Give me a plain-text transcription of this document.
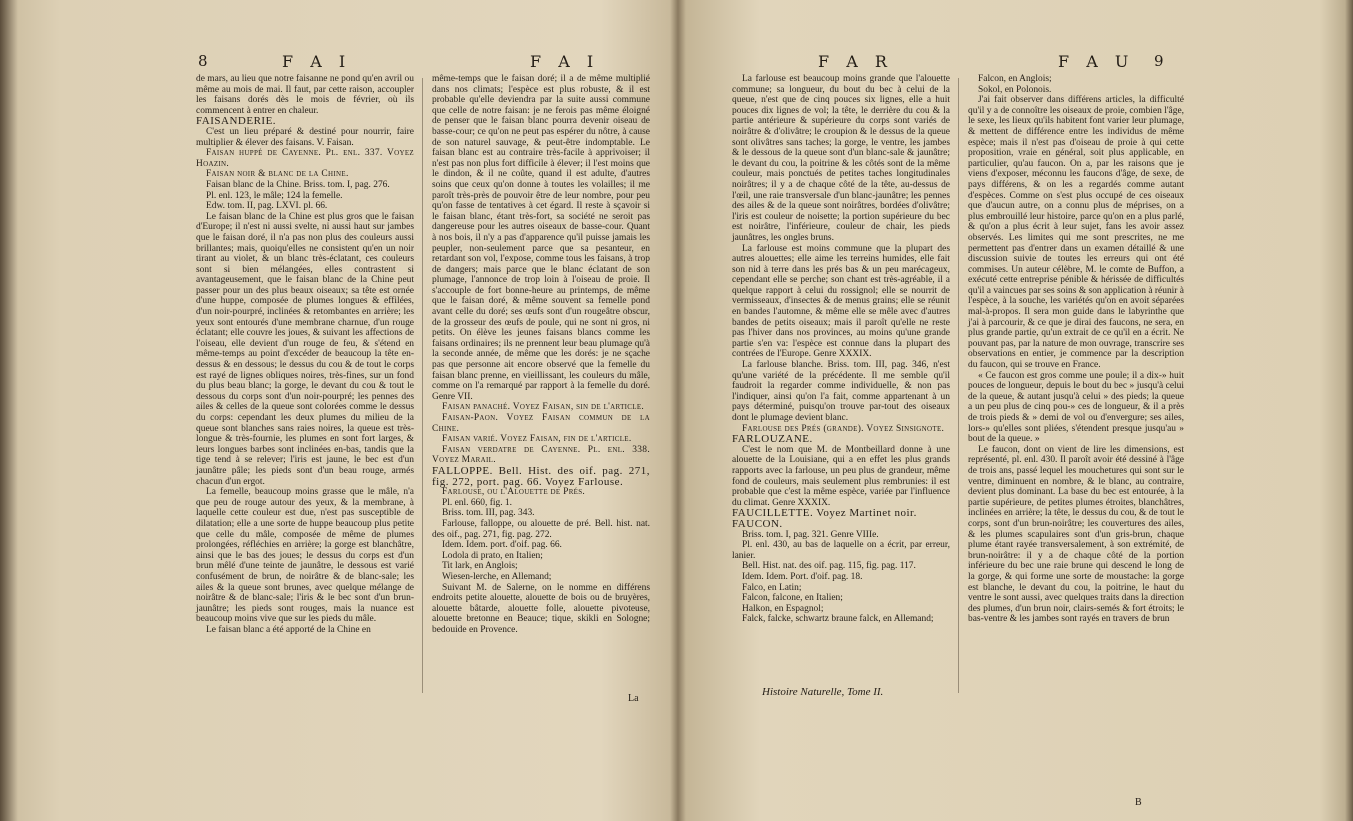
8	F A I	F A I

de mars, au lieu que notre faisanne ne pond qu'en avril ou même au mois de mai. Il faut, par cette raison, accoupler les faisans dorés dès le mois de février, où ils commencent à entrer en chaleur.

FAISANDERIE.

C'est un lieu préparé & destiné pour nourrir, faire multiplier & élever des faisans. V. Faisan.

Faisan huppé de Cayenne. Pl. enl. 337. Voyez Hoazin.

Faisan noir & blanc de la Chine.

Faisan blanc de la Chine. Briss. tom. I, pag. 276.

Pl. enl. 123, le mâle; 124 la femelle.

Edw. tom. II, pag. LXVI. pl. 66.

Le faisan blanc de la Chine est plus gros que le faisan d'Europe; il n'est ni aussi svelte, ni aussi haut sur jambes que le faisan doré, il n'a pas non plus des couleurs aussi brillantes; mais, quoiqu'elles ne consistent qu'en un noir tirant au violet, & un blanc très-éclatant, ces couleurs sont si bien mélangées, elles contrastent si avantageusement, que le faisan blanc de la Chine peut passer pour un des plus beaux oiseaux; sa tête est ornée d'une huppe, composée de plumes longues & effilées, d'un noir-pourpré, inclinées & retombantes en arrière; les yeux sont entourés d'une membrane charnue, d'un rouge éclatant; elle couvre les joues, & suivant les affections de l'oiseau, elle devient d'un rouge de feu, & s'étend en même-temps au point d'excéder de beaucoup la tête en-dessus & en dessous; le dessus du cou & de tout le corps est rayé de lignes obliques noires, très-fines, sur un fond du plus beau blanc; la gorge, le devant du cou & tout le dessous du corps sont d'un noir-pourpré; les pennes des ailes & celles de la queue sont colorées comme le dessus du corps: cependant les deux plumes du milieu de la queue sont blanches sans raies noires, la queue est très-longue & très-fournie, les plumes en sont fort larges, & leurs longues barbes sont inclinées en-bas, tandis que la tige tend à se relever; l'iris est jaune, le bec est d'un jaunâtre pâle; les pieds sont d'un beau rouge, armés chacun d'un ergot.

La femelle, beaucoup moins grasse que le mâle, n'a que peu de rouge autour des yeux, & la membrane, à laquelle cette couleur est due, n'est pas susceptible de dilatation; elle a une sorte de huppe beaucoup plus petite que celle du mâle, composée de même de plumes prolongées, réfléchies en arrière; la gorge est blanchâtre, ainsi que le bas des joues; le dessus du corps est d'un brun mêlé d'une teinte de jaunâtre, le dessous est varié confusément de brun, de noirâtre & de blanc-sale; les ailes & la queue sont brunes, avec quelque mélange de noirâtre & de blanc-sale; l'iris & le bec sont d'un brun-jaunâtre; les pieds sont rouges, mais la nuance est beaucoup moins vive que sur les pieds du mâle.

Le faisan blanc a été apporté de la Chine en

même-temps que le faisan doré; il a de même multiplié dans nos climats; l'espèce est plus robuste, & il est probable qu'elle deviendra par la suite aussi commune que celle de notre faisan: je ne ferois pas même éloigné de penser que le faisan blanc pourra devenir oiseau de basse-cour; ce qu'on ne peut pas espérer du nôtre, à cause de son naturel sauvage, & peut-être indomptable. Le faisan blanc est au contraire très-facile à apprivoiser; il n'est pas non plus fort difficile à élever; il l'est moins que le dindon, & il ne coûte, quand il est adulte, d'autres soins que ceux qu'on donne à toutes les volailles; il me paroît très-près de pouvoir être de leur nombre, pour peu qu'on fasse de tentatives à cet égard. Il reste à sçavoir si le faisan blanc, étant très-fort, sa société ne seroit pas dangereuse pour les autres oiseaux de basse-cour. Quant à nos bois, il n'y a pas d'apparence qu'il puisse jamais les peupler, non-seulement parce que sa pesanteur, en retardant son vol, l'expose, comme tous les faisans, à trop de dangers; mais parce que le blanc éclatant de son plumage, l'annonce de trop loin à l'oiseau de proie. Il s'accouple de fort bonne-heure au printemps, de même que le faisan doré, & même souvent sa femelle pond avant celle du doré; ses œufs sont d'un rougeâtre obscur, de la grosseur des œufs de poule, qui ne sont ni gros, ni petits. On élève les jeunes faisans blancs comme les faisans ordinaires; ils ne prennent leur beau plumage qu'à la seconde année, de même que les dorés: je ne sçache pas que personne ait encore observé que la femelle du faisan blanc prenne, en vieillissant, les couleurs du mâle, comme on l'a remarqué par rapport à la femelle du doré. Genre VII.

Faisan panaché. Voyez Faisan, sin de l'article.

Faisan-Paon. Voyez Faisan commun de la Chine.

Faisan varié. Voyez Faisan, fin de l'article.

Faisan verdatre de Cayenne. Pl. enl. 338. Voyez Marail.

FALLOPPE. Bell. Hist. des oif. pag. 271, fig. 272, port. pag. 66. Voyez Farlouse.

Farlouse, ou l'Alouette de Prés.

Pl. enl. 660, fig. 1.

Briss. tom. III, pag. 343.

Farlouse, falloppe, ou alouette de pré. Bell. hist. nat. des oif., pag. 271, fig. pag. 272.

Idem. Idem. port. d'oif. pag. 66.

Lodola di prato, en Italien;

Tit lark, en Anglois;

Wiesen-lerche, en Allemand;

Suivant M. de Salerne, on le nomme en différens endroits petite alouette, alouette de bois ou de bruyères, alouette bâtarde, alouette folle, alouette pivoteuse, alouette bretonne en Beauce; tique, skikli en Sologne; bedouide en Provence.

La
F A R	F A U 9

La farlouse est beaucoup moins grande que l'alouette commune; sa longueur, du bout du bec à celui de la queue, n'est que de cinq pouces six lignes, elle a huit pouces dix lignes de vol; la tête, le derrière du cou & la partie antérieure & supérieure du corps sont variés de noirâtre & d'olivâtre; le croupion & le dessus de la queue sont olivâtres sans taches; la gorge, le ventre, les jambes & le dessous de la queue sont d'un blanc-sale & jaunâtre; le devant du cou, la poitrine & les côtés sont de la même couleur, mais ponctués de petites taches longitudinales noirâtres; il y a de chaque côté de la tête, au-dessus de l'œil, une raie transversale d'un blanc-jaunâtre; les pennes des ailes & de la queue sont noirâtres, bordées d'olivâtre; l'iris est couleur de noisette; la portion supérieure du bec est noirâtre, l'inférieure, couleur de chair, les pieds jaunâtres, les ongles bruns.

La farlouse est moins commune que la plupart des autres alouettes; elle aime les terreins humides, elle fait son nid à terre dans les prés bas & un peu marécageux, cependant elle se perche; son chant est très-agréable, il a quelque rapport à celui du rossignol; elle se nourrit de vermisseaux, d'insectes & de menus grains; elle se réunit en bandes l'automne, & même elle se mêle avec d'autres bandes de petits oiseaux; mais il paroît qu'elle ne reste pas l'hiver dans nos provinces, au moins qu'une grande partie s'en va: l'espèce est connue dans la plupart des contrées de l'Europe. Genre XXXIX.

La farlouse blanche. Briss. tom. III, pag. 346, n'est qu'une variété de la précédente. Il me semble qu'il faudroit la regarder comme individuelle, & non pas l'indiquer, ainsi qu'on l'a fait, comme appartenant à un pays déterminé, puisqu'on trouve par-tout des oiseaux dont le plumage devient blanc.

Farlouse des Prés (grande). Voyez Sinsignote.

FARLOUZANE.

C'est le nom que M. de Montbeillard donne à une alouette de la Louisiane, qui a en effet les plus grands rapports avec la farlouse, un peu plus de grandeur, même fond de couleurs, mais seulement plus rembrunies: il est probable que c'est la même espèce, variée par l'influence du climat. Genre XXXIX.

FAUCILLETTE. Voyez Martinet noir.

FAUCON.

Briss. tom. I, pag. 321. Genre VIIIe.

Pl. enl. 430, au bas de laquelle on a écrit, par erreur, lanier.

Bell. Hist. nat. des oif. pag. 115, fig. pag. 117.

Idem. Idem. Port. d'oif. pag. 18.

Falco, en Latin;

Falcon, falcone, en Italien;

Halkon, en Espagnol;

Falck, falcke, schwartz braune falck, en Allemand;

Falcon, en Anglois;

Sokol, en Polonois.

J'ai fait observer dans différens articles, la difficulté qu'il y a de connoître les oiseaux de proie, combien l'âge, le sexe, les lieux qu'ils habitent font varier leur plumage, & mettent de différence entre les individus de même espèce; mais il n'est pas d'oiseau de proie à qui cette proposition, vraie en général, soit plus applicable, en particulier, qu'au faucon. On a, par les raisons que je viens d'exposer, méconnu les faucons d'âge, de sexe, de pays différens, & on les a regardés comme autant d'espèces. Comme on s'est plus occupé de ces oiseaux que d'aucun autre, on a connu plus de méprises, on a plus embrouillé leur histoire, parce qu'on en a plus parlé, & qu'on a plus écrit à leur sujet, fans les avoir assez observés. Les limites qui me sont prescrites, ne me permettent pas d'entrer dans un examen détaillé & une discussion suivie de toutes les erreurs qui ont été commises. Un auteur célèbre, M. le comte de Buffon, a exécuté cette entreprise pénible & hérissée de difficultés qu'il a vaincues par ses soins & son application à réunir à l'espèce, à la souche, les variétés qu'on en avoit séparées mal-à-propos. Il sera mon guide dans le labyrinthe que j'ai à parcourir, & ce que je dirai des faucons, ne sera, en plus grande partie, qu'un extrait de ce qu'il en a écrit. Ne pouvant pas, par la nature de mon ouvrage, transcrire ses observations en entier, je commence par la description du faucon, qui se trouve en France.

« Ce faucon est gros comme une poule; il a dix-» huit pouces de longueur, depuis le bout du bec » jusqu'à celui de la queue, & autant jusqu'à celui » des pieds; la queue a un peu plus de cinq pou-» ces de longueur, & il a près de trois pieds & » demi de vol ou d'envergure; ses ailes, lors-» qu'elles sont pliées, s'étendent presque jusqu'au » bout de la queue. »

Le faucon, dont on vient de lire les dimensions, est représenté, pl. enl. 430. Il paroît avoir été dessiné à l'âge de trois ans, passé lequel les mouchetures qui sont sur le ventre, diminuent en nombre, & le blanc, au contraire, devient plus dominant. La base du bec est entourée, à la partie supérieure, de petites plumes étroites, blanchâtres, inclinées en arrière; la tête, le dessus du cou, & de tout le corps, sont d'un brun-noirâtre; les couvertures des ailes, & les plumes scapulaires sont d'un gris-brun, chaque plume étant rayée transversalement, à son extrémité, de brun-noirâtre: il y a de chaque côté de la portion inférieure du bec une raie brune qui descend le long de la gorge, & qui forme une sorte de moustache: la gorge est blanche, le devant du cou, la poitrine, le haut du ventre le sont aussi, avec quelques traits dans la direction des plumes, d'un brun noir, clairs-semés & fort étroits; le bas-ventre & les jambes sont rayés en travers de brun

Histoire Naturelle, Tome II.
B
